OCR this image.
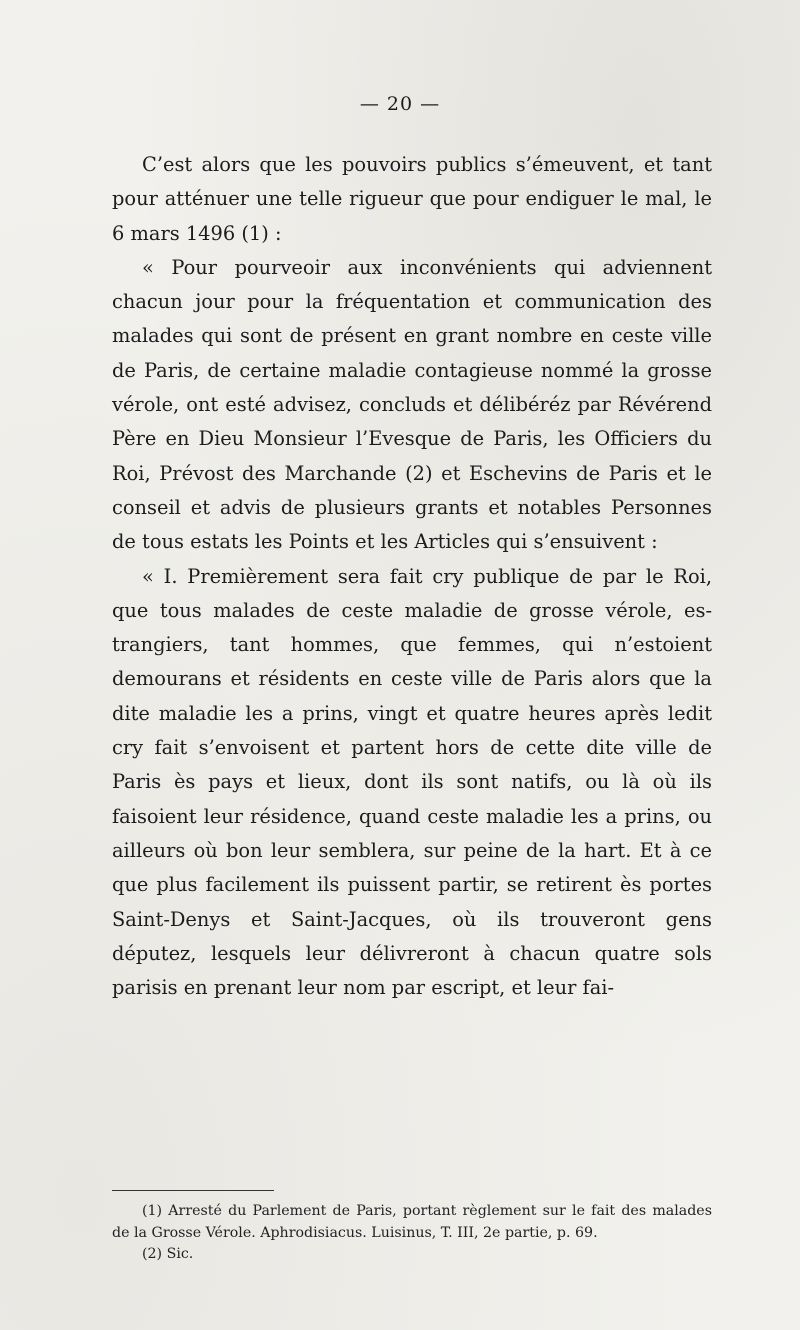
— 20 —

C’est alors que les pouvoirs publics s’émeuvent, et tant pour atténuer une telle rigueur que pour endiguer le mal, le 6 mars 1496 (1) :

« Pour pourveoir aux inconvénients qui adviennent chacun jour pour la fréquentation et communication des malades qui sont de présent en grant nombre en ceste ville de Paris, de certaine maladie contagieuse nommé la grosse vérole, ont esté advisez, concluds et délibéréz par Révérend Père en Dieu Monsieur l’Evesque de Paris, les Officiers du Roi, Prévost des Marchande (2) et Eschevins de Paris et le conseil et advis de plusieurs grants et notables Personnes de tous estats les Points et les Articles qui s’ensuivent :

« I. Premièrement sera fait cry publique de par le Roi, que tous malades de ceste maladie de grosse vérole, estrangiers, tant hommes, que femmes, qui n’estoient demourans et résidents en ceste ville de Paris alors que la dite maladie les a prins, vingt et quatre heures après ledit cry fait s’envoisent et partent hors de cette dite ville de Paris ès pays et lieux, dont ils sont natifs, ou là où ils faisoient leur résidence, quand ceste maladie les a prins, ou ailleurs où bon leur semblera, sur peine de la hart. Et à ce que plus facilement ils puissent partir, se retirent ès portes Saint-Denys et Saint-Jacques, où ils trouveront gens députez, lesquels leur délivreront à chacun quatre sols parisis en prenant leur nom par escript, et leur fai-

(1) Arresté du Parlement de Paris, portant règlement sur le fait des malades de la Grosse Vérole. Aphrodisiacus. Luisinus, T. III, 2e partie, p. 69.

(2) Sic.
